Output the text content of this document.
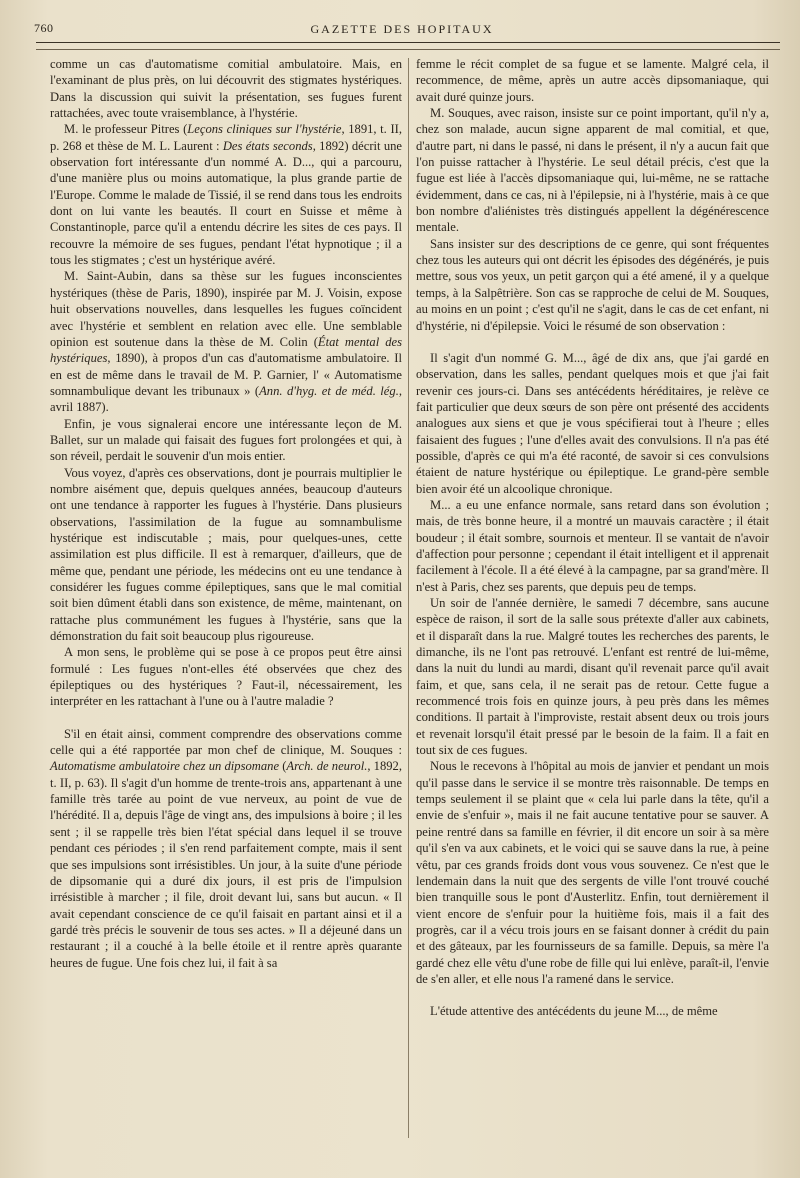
760	GAZETTE DES HOPITAUX

comme un cas d'automatisme comitial ambulatoire. Mais, en l'examinant de plus près, on lui découvrit des stigmates hystériques. Dans la discussion qui suivit la présentation, ses fugues furent rattachées, avec toute vraisemblance, à l'hystérie.

M. le professeur Pitres (Leçons cliniques sur l'hystérie, 1891, t. II, p. 268 et thèse de M. L. Laurent : Des états seconds, 1892) décrit une observation fort intéressante d'un nommé A. D..., qui a parcouru, d'une manière plus ou moins automatique, la plus grande partie de l'Europe. Comme le malade de Tissié, il se rend dans tous les endroits dont on lui vante les beautés. Il court en Suisse et même à Constantinople, parce qu'il a entendu décrire les sites de ces pays. Il recouvre la mémoire de ses fugues, pendant l'état hypnotique ; il a tous les stigmates ; c'est un hystérique avéré.

M. Saint-Aubin, dans sa thèse sur les fugues inconscientes hystériques (thèse de Paris, 1890), inspirée par M. J. Voisin, expose huit observations nouvelles, dans lesquelles les fugues coïncident avec l'hystérie et semblent en relation avec elle. Une semblable opinion est soutenue dans la thèse de M. Colin (État mental des hystériques, 1890), à propos d'un cas d'automatisme ambulatoire. Il en est de même dans le travail de M. P. Garnier, l' « Automatisme somnambulique devant les tribunaux » (Ann. d'hyg. et de méd. lég., avril 1887).

Enfin, je vous signalerai encore une intéressante leçon de M. Ballet, sur un malade qui faisait des fugues fort prolongées et qui, à son réveil, perdait le souvenir d'un mois entier.

Vous voyez, d'après ces observations, dont je pourrais multiplier le nombre aisément que, depuis quelques années, beaucoup d'auteurs ont une tendance à rapporter les fugues à l'hystérie. Dans plusieurs observations, l'assimilation de la fugue au somnambulisme hystérique est indiscutable ; mais, pour quelques-unes, cette assimilation est plus difficile. Il est à remarquer, d'ailleurs, que de même que, pendant une période, les médecins ont eu une tendance à considérer les fugues comme épileptiques, sans que le mal comitial soit bien dûment établi dans son existence, de même, maintenant, on rattache plus communément les fugues à l'hystérie, sans que la démonstration du fait soit beaucoup plus rigoureuse.

A mon sens, le problème qui se pose à ce propos peut être ainsi formulé : Les fugues n'ont-elles été observées que chez des épileptiques ou des hystériques ? Faut-il, nécessairement, les interpréter en les rattachant à l'une ou à l'autre maladie ?

S'il en était ainsi, comment comprendre des observations comme celle qui a été rapportée par mon chef de clinique, M. Souques : Automatisme ambulatoire chez un dipsomane (Arch. de neurol., 1892, t. II, p. 63). Il s'agit d'un homme de trente-trois ans, appartenant à une famille très tarée au point de vue nerveux, au point de vue de l'hérédité. Il a, depuis l'âge de vingt ans, des impulsions à boire ; il les sent ; il se rappelle très bien l'état spécial dans lequel il se trouve pendant ces périodes ; il s'en rend parfaitement compte, mais il sent que ses impulsions sont irrésistibles. Un jour, à la suite d'une période de dipsomanie qui a duré dix jours, il est pris de l'impulsion irrésistible à marcher ; il file, droit devant lui, sans but aucun. « Il avait cependant conscience de ce qu'il faisait en partant ainsi et il a gardé très précis le souvenir de tous ses actes. » Il a déjeuné dans un restaurant ; il a couché à la belle étoile et il rentre après quarante heures de fugue. Une fois chez lui, il fait à sa

femme le récit complet de sa fugue et se lamente. Malgré cela, il recommence, de même, après un autre accès dipsomaniaque, qui avait duré quinze jours.

M. Souques, avec raison, insiste sur ce point important, qu'il n'y a, chez son malade, aucun signe apparent de mal comitial, et que, d'autre part, ni dans le passé, ni dans le présent, il n'y a aucun fait que l'on puisse rattacher à l'hystérie. Le seul détail précis, c'est que la fugue est liée à l'accès dipsomaniaque qui, lui-même, ne se rattache évidemment, dans ce cas, ni à l'épilepsie, ni à l'hystérie, mais à ce que bon nombre d'aliénistes très distingués appellent la dégénérescence mentale.

Sans insister sur des descriptions de ce genre, qui sont fréquentes chez tous les auteurs qui ont décrit les épisodes des dégénérés, je puis mettre, sous vos yeux, un petit garçon qui a été amené, il y a quelque temps, à la Salpêtrière. Son cas se rapproche de celui de M. Souques, au moins en un point ; c'est qu'il ne s'agit, dans le cas de cet enfant, ni d'hystérie, ni d'épilepsie. Voici le résumé de son observation :

Il s'agit d'un nommé G. M..., âgé de dix ans, que j'ai gardé en observation, dans les salles, pendant quelques mois et que j'ai fait revenir ces jours-ci. Dans ses antécédents héréditaires, je relève ce fait particulier que deux sœurs de son père ont présenté des accidents analogues aux siens et que je vous spécifierai tout à l'heure ; elles faisaient des fugues ; l'une d'elles avait des convulsions. Il n'a pas été possible, d'après ce qui m'a été raconté, de savoir si ces convulsions étaient de nature hystérique ou épileptique. Le grand-père semble bien avoir été un alcoolique chronique.

M... a eu une enfance normale, sans retard dans son évolution ; mais, de très bonne heure, il a montré un mauvais caractère ; il était boudeur ; il était sombre, sournois et menteur. Il se vantait de n'avoir d'affection pour personne ; cependant il était intelligent et il apprenait facilement à l'école. Il a été élevé à la campagne, par sa grand'mère. Il n'est à Paris, chez ses parents, que depuis peu de temps.

Un soir de l'année dernière, le samedi 7 décembre, sans aucune espèce de raison, il sort de la salle sous prétexte d'aller aux cabinets, et il disparaît dans la rue. Malgré toutes les recherches des parents, le dimanche, ils ne l'ont pas retrouvé. L'enfant est rentré de lui-même, dans la nuit du lundi au mardi, disant qu'il revenait parce qu'il avait faim, et que, sans cela, il ne serait pas de retour. Cette fugue a recommencé trois fois en quinze jours, à peu près dans les mêmes conditions. Il partait à l'improviste, restait absent deux ou trois jours et revenait lorsqu'il était pressé par le besoin de la faim. Il a fait en tout six de ces fugues.

Nous le recevons à l'hôpital au mois de janvier et pendant un mois qu'il passe dans le service il se montre très raisonnable. De temps en temps seulement il se plaint que « cela lui parle dans la tête, qu'il a envie de s'enfuir », mais il ne fait aucune tentative pour se sauver. A peine rentré dans sa famille en février, il dit encore un soir à sa mère qu'il s'en va aux cabinets, et le voici qui se sauve dans la rue, à peine vêtu, par ces grands froids dont vous vous souvenez. Ce n'est que le lendemain dans la nuit que des sergents de ville l'ont trouvé couché bien tranquille sous le pont d'Austerlitz. Enfin, tout dernièrement il vient encore de s'enfuir pour la huitième fois, mais il a fait des progrès, car il a vécu trois jours en se faisant donner à crédit du pain et des gâteaux, par les fournisseurs de sa famille. Depuis, sa mère l'a gardé chez elle vêtu d'une robe de fille qui lui enlève, paraît-il, l'envie de s'en aller, et elle nous l'a ramené dans le service.

L'étude attentive des antécédents du jeune M..., de même
